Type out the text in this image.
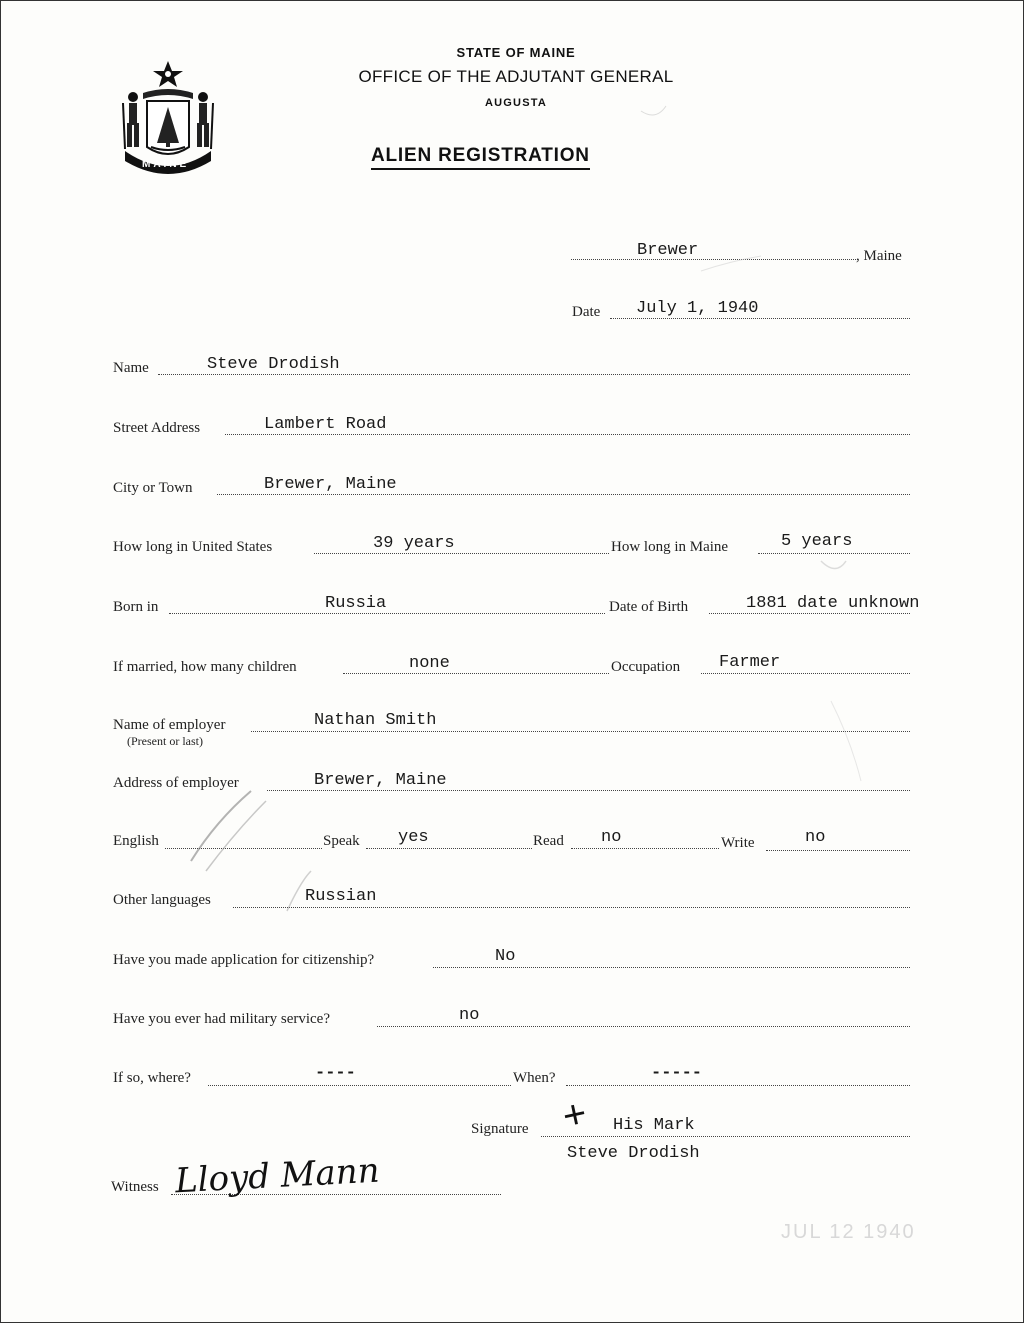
MAINE
STATE OF MAINE
OFFICE OF THE ADJUTANT GENERAL
AUGUSTA
ALIEN REGISTRATION
Brewer	, Maine
Date July 1, 1940
Name	Steve Drodish
Street Address	Lambert Road
City or Town	Brewer, Maine
How long in United States	39 years	How long in Maine	5 years
Born in	Russia	Date of Birth	1881 date unknown
If married, how many children	none	Occupation Farmer
Name of employer
(Present or last)
Nathan Smith
Address of employer	Brewer, Maine
English	Speak yes	Read no	Write	no
Other languages	Russian
Have you made application for citizenship?	No
Have you ever had military service?	no
If so, where?	----	When?	-----
Signature + His Mark
Steve Drodish
Witness Lloyd Mann
JUL 12 1940
